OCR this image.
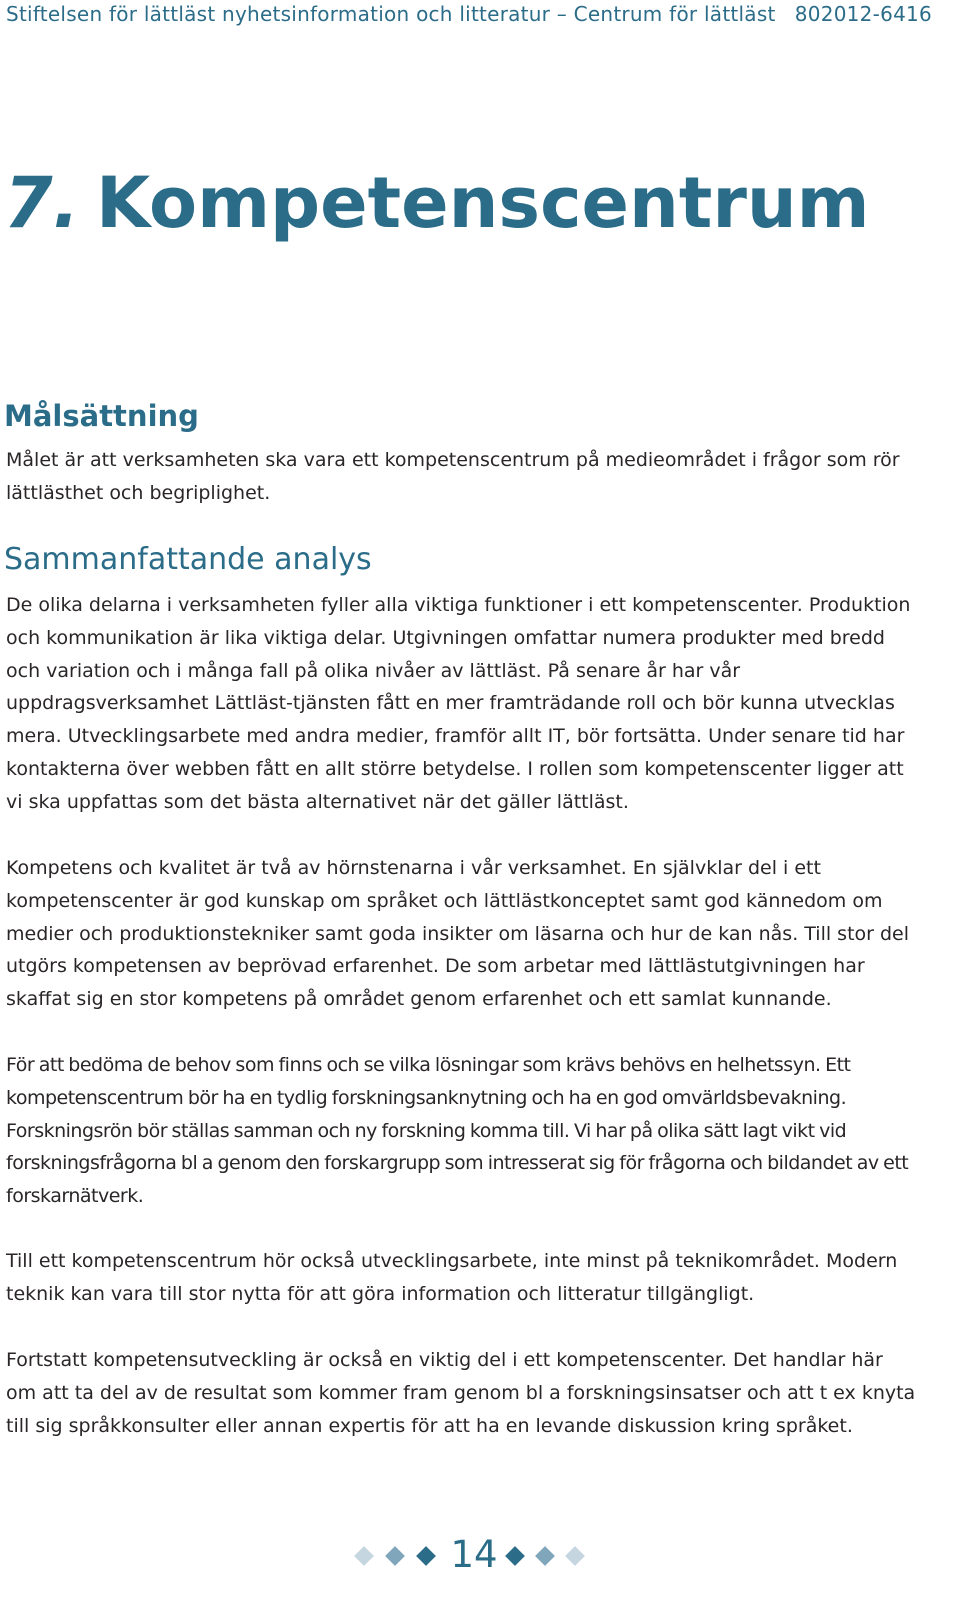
Stiftelsen för lättläst nyhetsinformation och litteratur – Centrum för lättläst 802012-6416
7. Kompetenscentrum
Målsättning

Målet är att verksamheten ska vara ett kompetenscentrum på medieområdet i frågor som rör lättlästhet och begriplighet.

Sammanfattande analys

De olika delarna i verksamheten fyller alla viktiga funktioner i ett kompetenscenter. Produktion och kommunikation är lika viktiga delar. Utgivningen omfattar numera produkter med bredd och variation och i många fall på olika nivåer av lättläst. På senare år har vår uppdragsverksamhet Lättläst-tjänsten fått en mer framträdande roll och bör kunna utvecklas mera. Utvecklingsarbete med andra medier, framför allt IT, bör fortsätta. Under senare tid har kontakterna över webben fått en allt större betydelse. I rollen som kompetenscenter ligger att vi ska uppfattas som det bästa alternativet när det gäller lättläst.

Kompetens och kvalitet är två av hörnstenarna i vår verksamhet. En självklar del i ett kompetenscenter är god kunskap om språket och lättlästkonceptet samt god kännedom om medier och produktionstekniker samt goda insikter om läsarna och hur de kan nås. Till stor del utgörs kompetensen av beprövad erfarenhet. De som arbetar med lättlästutgivningen har skaffat sig en stor kompetens på området genom erfarenhet och ett samlat kunnande.

För att bedöma de behov som finns och se vilka lösningar som krävs behövs en helhetssyn. Ett kompetenscentrum bör ha en tydlig forskningsanknytning och ha en god omvärldsbevakning. Forskningsrön bör ställas samman och ny forskning komma till. Vi har på olika sätt lagt vikt vid forskningsfrågorna bl a genom den forskargrupp som intresserat sig för frågorna och bildandet av ett forskarnätverk.

Till ett kompetenscentrum hör också utvecklingsarbete, inte minst på teknikområdet. Modern teknik kan vara till stor nytta för att göra information och litteratur tillgängligt.

Fortstatt kompetensutveckling är också en viktig del i ett kompetenscenter. Det handlar här om att ta del av de resultat som kommer fram genom bl a forskningsinsatser och att t ex knyta till sig språkkonsulter eller annan expertis för att ha en levande diskussion kring språket.

14
